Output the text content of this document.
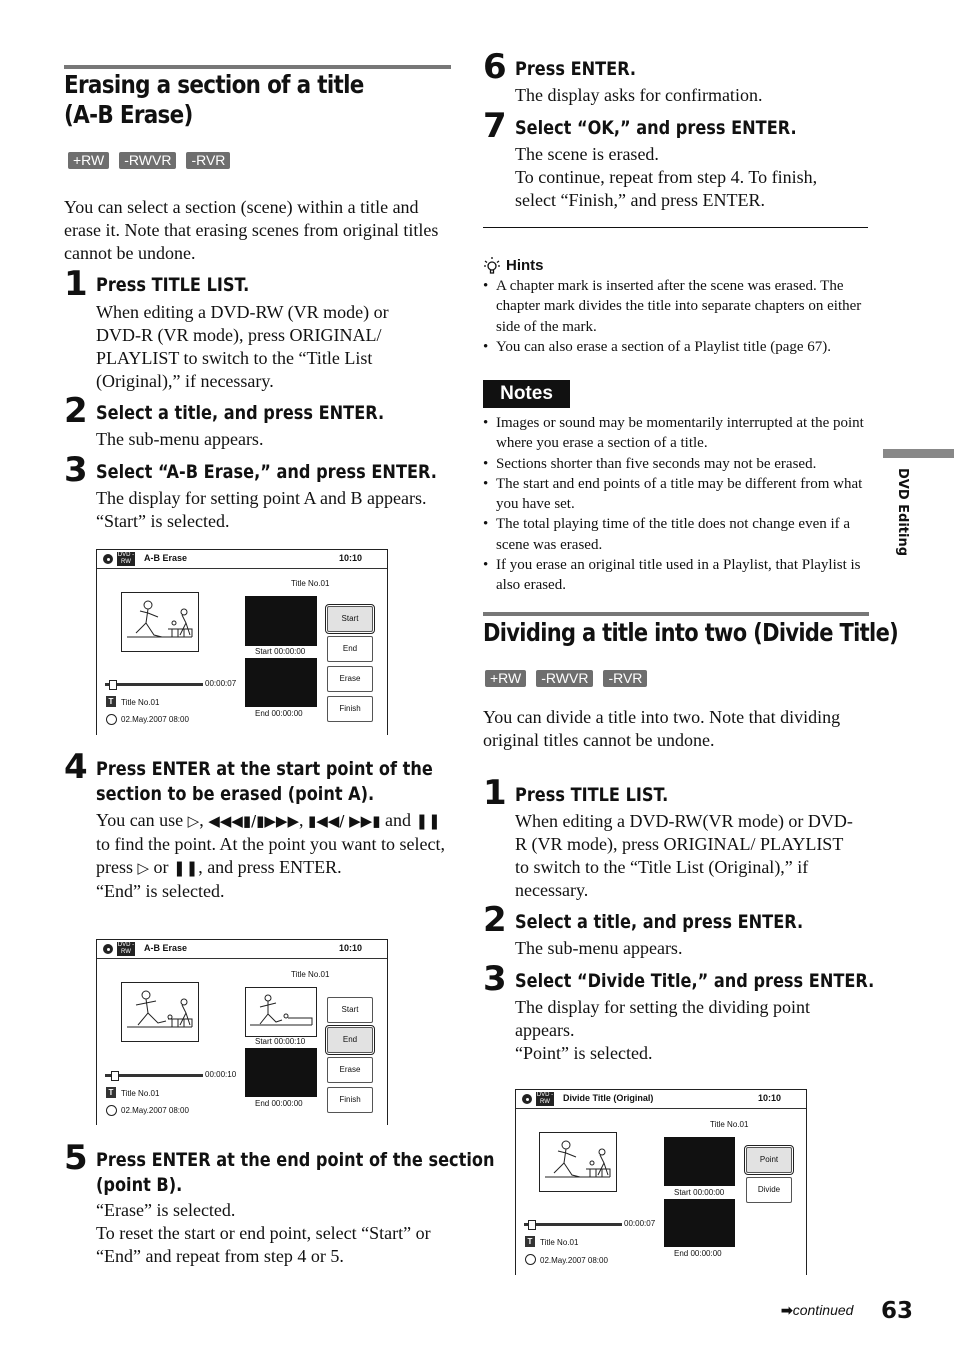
Erasing a section of a title
(A-B Erase)
+RW	-RWVR	-RVR
You can select a section (scene) within a title and erase it. Note that erasing scenes from original titles cannot be undone.
1 Press TITLE LIST.
When editing a DVD-RW (VR mode) or DVD-R (VR mode), press ORIGINAL/ PLAYLIST to switch to the “Title List (Original),” if necessary.
2 Select a title, and press ENTER.
The sub-menu appears.
3 Select “A-B Erase,” and press ENTER.
The display for setting point A and B appears.
“Start” is selected.
DVD -RW	A-B Erase	10:10
Title No.01
Start 00:00:00
End 00:00:00
Start
End
Erase
Finish
00:00:07
T Title No.01
02.May.2007 08:00
4 Press ENTER at the start point of the
section to be erased (point A).
You can use ▷, ◀◀◀▮/▮▶▶▶, ▮◀◀/ ▶▶▮ and ❚❚ to find the point. At the point you want to select, press ▷ or ❚❚, and press ENTER.
“End” is selected.
DVD -RW	A-B Erase	10:10
Title No.01
Start 00:00:10
End 00:00:00
Start
End
Erase
Finish
00:00:10
T Title No.01
02.May.2007 08:00
5 Press ENTER at the end point of the section
(point B).
“Erase” is selected.
To reset the start or end point, select “Start” or “End” and repeat from step 4 or 5.
6 Press ENTER.
The display asks for confirmation.
7 Select “OK,” and press ENTER.
The scene is erased.
To continue, repeat from step 4. To finish, select “Finish,” and press ENTER.
Hints
• A chapter mark is inserted after the scene was erased. The chapter mark divides the title into separate chapters on either side of the mark.
• You can also erase a section of a Playlist title (page 67).
Notes
• Images or sound may be momentarily interrupted at the point where you erase a section of a title.
• Sections shorter than five seconds may not be erased.
• The start and end points of a title may be different from what you have set.
• The total playing time of the title does not change even if a scene was erased.
• If you erase an original title used in a Playlist, that Playlist is also erased.
Dividing a title into two (Divide Title)
+RW	-RWVR	-RVR
You can divide a title into two. Note that dividing original titles cannot be undone.
1 Press TITLE LIST.
When editing a DVD-RW(VR mode) or DVD-R (VR mode), press ORIGINAL/ PLAYLIST to switch to the “Title List (Original),” if necessary.
2 Select a title, and press ENTER.
The sub-menu appears.
3 Select “Divide Title,” and press ENTER.
The display for setting the dividing point appears.
“Point” is selected.
DVD -RW	Divide Title (Original)	10:10
Title No.01
Start 00:00:00
End 00:00:00
Point
Divide
00:00:07
T Title No.01
02.May.2007 08:00
DVD Editing
➡continued 63
